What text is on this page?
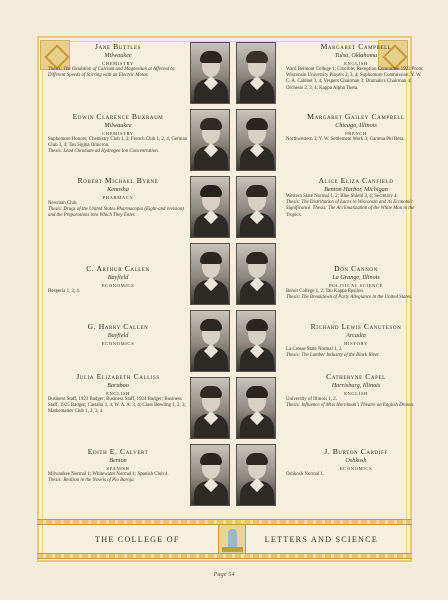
Jane Buttles
Milwaukee
CHEMISTRY
Thesis: The Oxidation of Calcium and Magnesium at Affected by Different Speeds of Stirring with an Electric Motor.
Edwin Clarence Buxbaum
Milwaukee
CHEMISTRY
Sophomore Honors; Chemistry Club 1, 2; French Club 1, 2, 4; German Club 3, 4; Tau Sigma Omicron.
Thesis: Lead Chromate ad Hydrogen Ion Concentration.
Robert Michael Byrne
Kenosha
PHARMACY
Newman Club.
Thesis: Drugs of the United States Pharmacopia (Eight-and revision) and the Preparations into Which They Enter.
C. Arthur Callen
Bayfield
ECONOMICS
Hesperia 1, 3, 4.
G. Harry Callen
Bayfield
ECONOMICS
Julia Elizabeth Calliss
Baraboo
ENGLISH
Business Staff, 1923 Badger; Business Staff, 1924 Badger; Business Staff, 1925 Badger; Castalia 3, 4; W. A. A. 3, 4; Class Bowling 1, 2, 3; Mathematics Club 1, 2, 3, 4.
Edith E. Calvert
Benton
SPANISH
Milwaukee Normal 1; Whitewater Normal 1; Spanish Club 4.
Thesis: Realism in the Novels of Pio Baroja.
Margaret Campbell
Tulsa, Oklahoma
ENGLISH
Ward Belmont College 1; Crucible; Reception Committee 1923 Prom; Wisconsin University Players 2, 3, 4; Sophomore Commission; Y. W. C. A. Cabinet 3, 4; Vespers Chairman 3; Dramatics Chairman 4; Orchesis 2, 3, 4; Kappa Alpha Theta.
Margaret Gailey Campbell
Chicago, Illinois
FRENCH
Northwestern 3; Y. W. Settlement Work 3; Gamma Phi Beta.
Alice Eliza Canfield
Benton Harbor, Michigan
Western State Normal 1, 2; Blue Shield 3, 4; Secretary 4.
Thesis: The Distribution of Laces in Wisconsin and its Economic Significance. Thesis: The Acclimatization of the White Man in the Tropics.
Don Cannon
La Grange, Illinois
POLITICAL SCIENCE
Beloit College 1, 2; Tau Kappa Epsilon.
Thesis: The Breakdown of Party Allegiance in the United States.
Richard Lewis Canuteson
Arcadia
HISTORY
La Crosse State Normal 1, 2.
Thesis: The Lumber Industry of the Black River.
Catheryne Capel
Harrisburg, Illinois
ENGLISH
University of Illinois 1, 2.
Thesis: Influence of Miss Horniman's Theatre on English Drama.
J. Burton Cardiff
Oshkosh
ECONOMICS
Oshkosh Normal 1.
THE COLLEGE OF	LETTERS AND SCIENCE
Page 54
